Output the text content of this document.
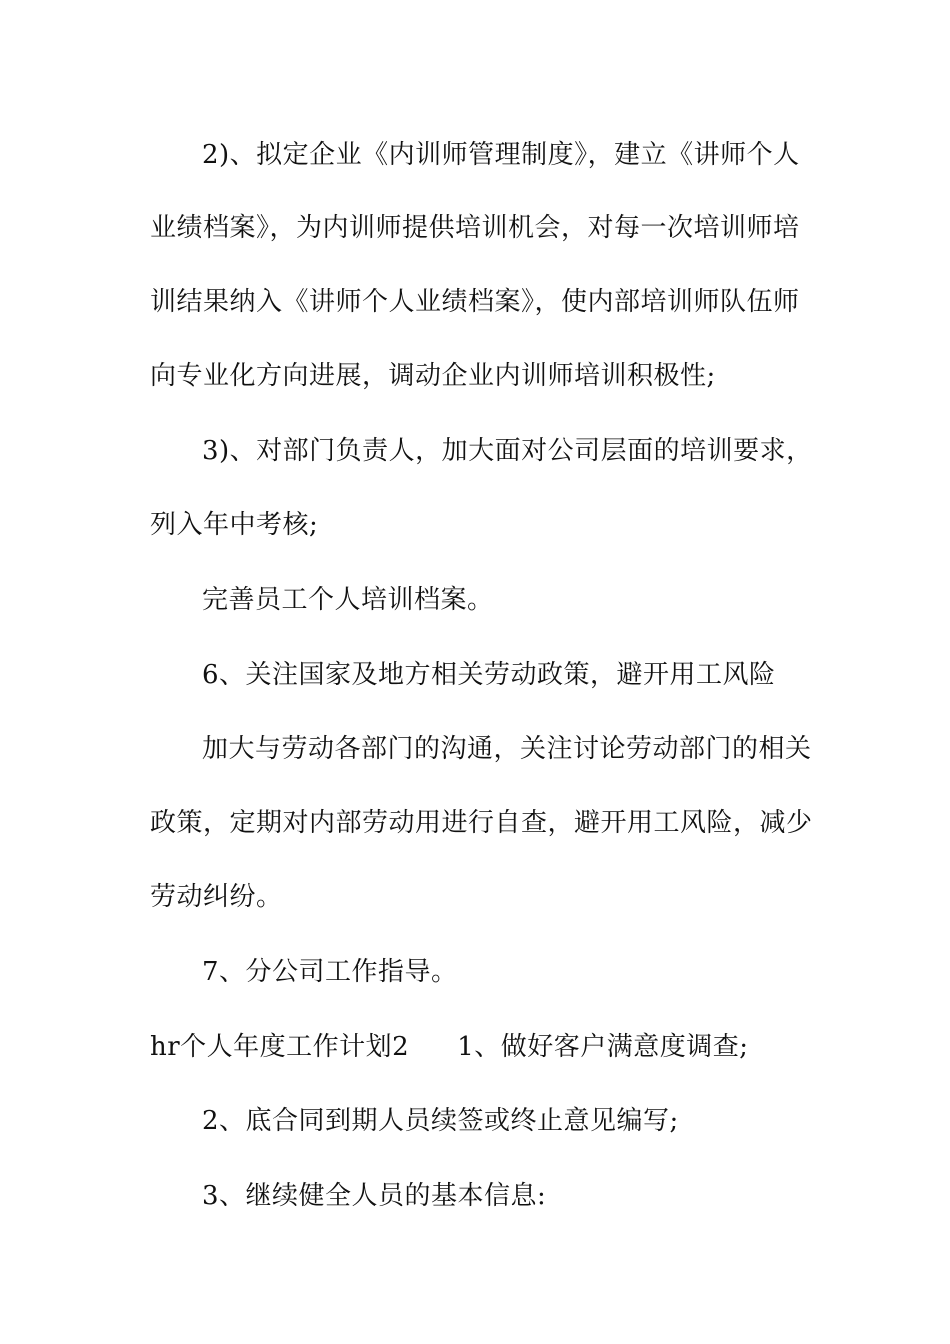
2)、拟定企业《内训师管理制度》，建立《讲师个人
业绩档案》，为内训师提供培训机会，对每一次培训师培
训结果纳入《讲师个人业绩档案》，使内部培训师队伍师
向专业化方向进展，调动企业内训师培训积极性;
3)、对部门负责人，加大面对公司层面的培训要求，
列入年中考核;
完善员工个人培训档案。
6、关注国家及地方相关劳动政策，避开用工风险
加大与劳动各部门的沟通，关注讨论劳动部门的相关
政策，定期对内部劳动用进行自查，避开用工风险，减少
劳动纠纷。
7、分公司工作指导。
hr个人年度工作计划2 1、做好客户满意度调查;
2、底合同到期人员续签或终止意见编写;
3、继续健全人员的基本信息:
